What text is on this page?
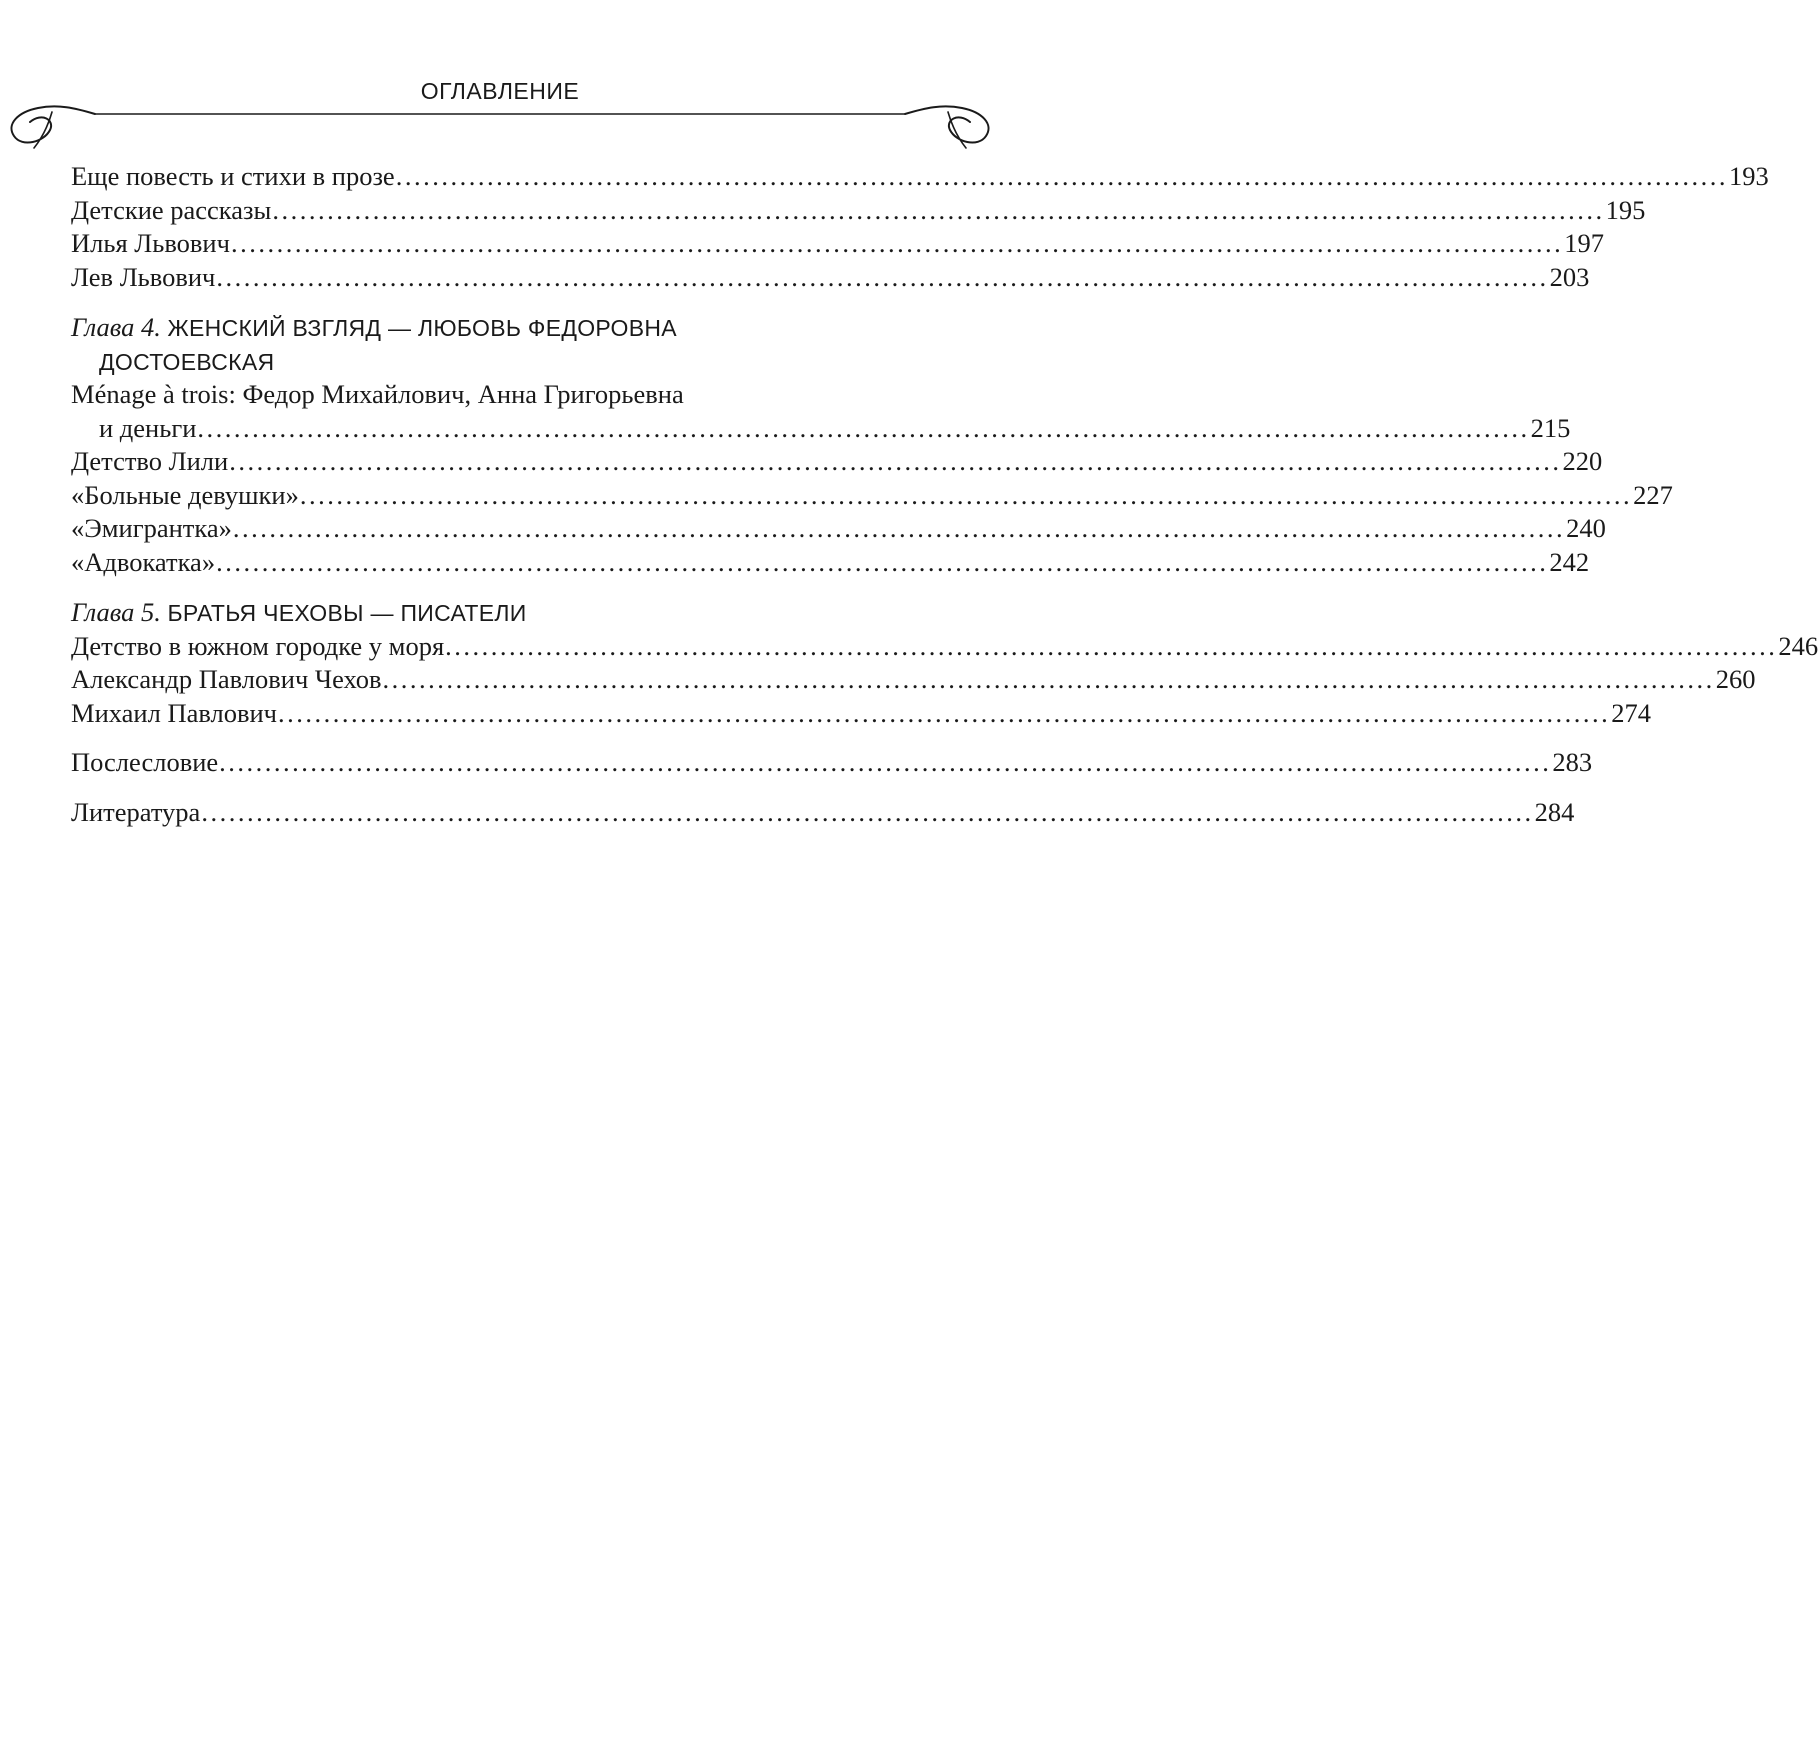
ОГЛАВЛЕНИЕ
Еще повесть и стихи в прозе .................................................................................................................................................. 193
Детские рассказы .................................................................................................................................................. 195
Илья Львович .................................................................................................................................................. 197
Лев Львович .................................................................................................................................................. 203
Глава 4. ЖЕНСКИЙ ВЗГЛЯД — ЛЮБОВЬ ФЕДОРОВНА
ДОСТОЕВСКАЯ
Ménage à trois: Федор Михайлович, Анна Григорьевна
и деньги .................................................................................................................................................. 215
Детство Лили .................................................................................................................................................. 220
«Больные девушки» .................................................................................................................................................. 227
«Эмигрантка» .................................................................................................................................................. 240
«Адвокатка» .................................................................................................................................................. 242
Глава 5. БРАТЬЯ ЧЕХОВЫ — ПИСАТЕЛИ
Детство в южном городке у моря .................................................................................................................................................. 246
Александр Павлович Чехов .................................................................................................................................................. 260
Михаил Павлович .................................................................................................................................................. 274
Послесловие .................................................................................................................................................. 283
Литература .................................................................................................................................................. 284
